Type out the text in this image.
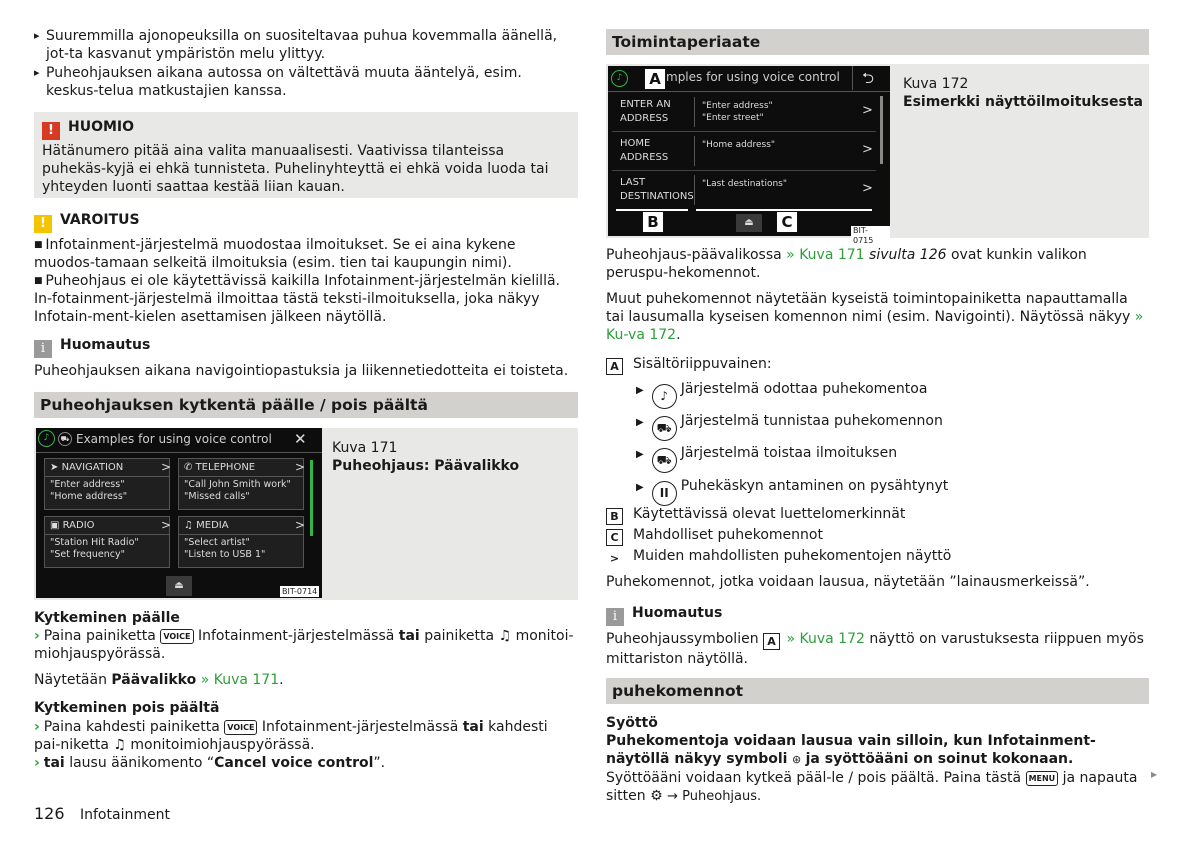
▸ Suuremmilla ajonopeuksilla on suositeltavaa puhua kovemmalla äänellä, jot-ta kasvanut ympäristön melu ylittyy.
▸ Puheohjauksen aikana autossa on vältettävä muuta ääntelyä, esim. keskus-telua matkustajien kanssa.
! HUOMIO

Hätänumero pitää aina valita manuaalisesti. Vaativissa tilanteissa puhekäs-kyjä ei ehkä tunnisteta. Puhelinyhteyttä ei ehkä voida luoda tai yhteyden luonti saattaa kestää liian kauan.

! VAROITUS

■ Infotainment-järjestelmä muodostaa ilmoitukset. Se ei aina kykene muodos-tamaan selkeitä ilmoituksia (esim. tien tai kaupungin nimi).

■ Puheohjaus ei ole käytettävissä kaikilla Infotainment-järjestelmän kielillä. In-fotainment-järjestelmä ilmoittaa tästä teksti-ilmoituksella, joka näkyy Infotain-ment-kielen asettamisen jälkeen näytöllä.

i Huomautus

Puheohjauksen aikana navigointiopastuksia ja liikennetiedotteita ei toisteta.

Puheohjauksen kytkentä päälle / pois päältä
♪	⛟ Examples for using voice control ✕
➤ NAVIGATION	>
"Enter address"
"Home address"
✆ TELEPHONE	>
"Call John Smith work"
"Missed calls"
▣ RADIO	>
"Station Hit Radio"
"Set frequency"
♫ MEDIA	>
"Select artist"
"Listen to USB 1"
⏏
BIT-0714
Kuva 171
Puheohjaus: Päävalikko
Kytkeminen päälle

› Paina painiketta VOICE Infotainment-järjestelmässä tai painiketta ♫ monitoi-miohjauspyörässä.

Näytetään Päävalikko » Kuva 171.

Kytkeminen pois päältä

› Paina kahdesti painiketta VOICE Infotainment-järjestelmässä tai kahdesti pai-niketta ♫ monitoimiohjauspyörässä.

› tai lausu äänikomento “Cancel voice control”.

126 Infotainment
Toimintaperiaate
♪	mples for using voice control ⮌
ENTER AN
ADDRESS
"Enter address"
"Enter street"	>
HOME
ADDRESS
"Home address"	>
LAST
DESTINATIONS
"Last destinations"	>
⏏
BIT-0715
A
B	C
Kuva 172
Esimerkki näyttöilmoituksesta

Puheohjaus-päävalikossa » Kuva 171 sivulta 126 ovat kunkin valikon peruspu-hekomennot.

Muut puhekomennot näytetään kyseistä toimintopainiketta napauttamalla tai lausumalla kyseisen komennon nimi (esim. Navigointi). Näytössä näkyy » Ku-va 172.

A Sisältöriippuvainen:
▶ ♪ Järjestelmä odottaa puhekomentoa
▶ ⛟ Järjestelmä tunnistaa puhekomennon
▶ ⛟ Järjestelmä toistaa ilmoituksen
▶ II Puhekäskyn antaminen on pysähtynyt
B Käytettävissä olevat luettelomerkinnät
C Mahdolliset puhekomennot
> Muiden mahdollisten puhekomentojen näyttö

Puhekomennot, jotka voidaan lausua, näytetään ”lainausmerkeissä”.

i Huomautus

Puheohjaussymbolien A » Kuva 172 näyttö on varustuksesta riippuen myös mittariston näytöllä.

puhekomennot
Syöttö

Puhekomentoja voidaan lausua vain silloin, kun Infotainment-näytöllä näkyy symboli ⊛ ja syöttöääni on soinut kokonaan. Syöttöääni voidaan kytkeä pääl-le / pois päältä. Paina tästä MENU ja napauta sitten ⚙ → Puheohjaus.

▸
